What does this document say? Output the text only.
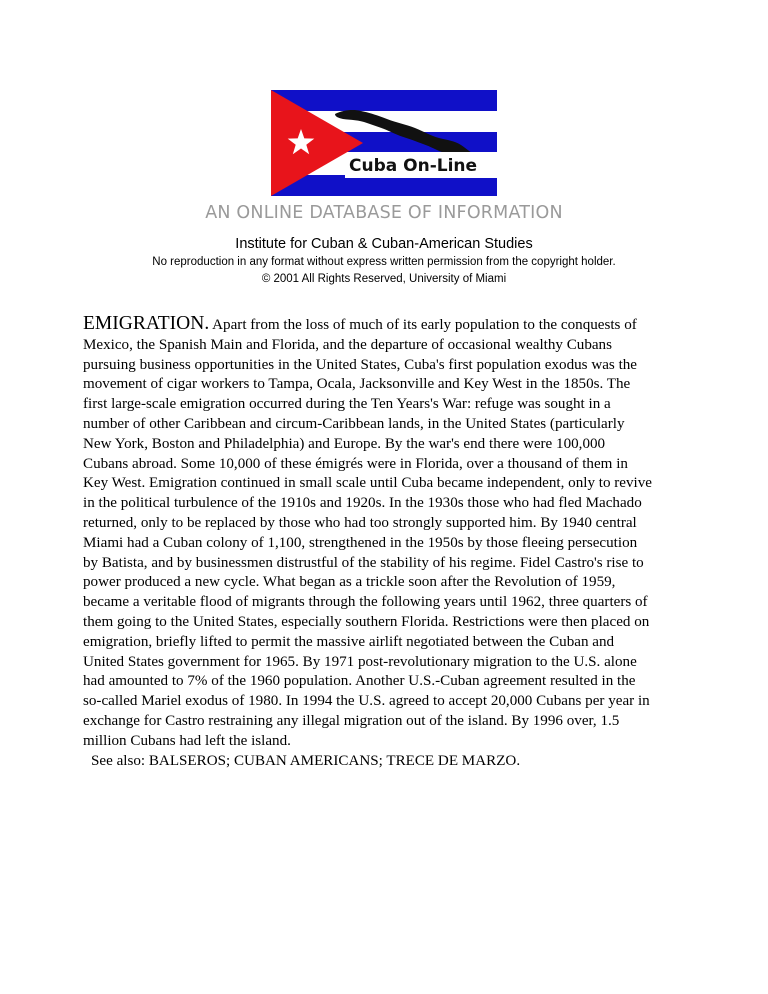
Cuba On-Line
AN ONLINE DATABASE OF INFORMATION
Institute for Cuban & Cuban-American Studies
No reproduction in any format without express written permission from the copyright holder.
© 2001 All Rights Reserved, University of Miami

EMIGRATION. Apart from the loss of much of its early population to the conquests of Mexico, the Spanish Main and Florida, and the departure of occasional wealthy Cubans pursuing business opportunities in the United States, Cuba's first population exodus was the movement of cigar workers to Tampa, Ocala, Jacksonville and Key West in the 1850s. The first large-scale emigration occurred during the Ten Years's War: refuge was sought in a number of other Caribbean and circum-Caribbean lands, in the United States (particularly New York, Boston and Philadelphia) and Europe. By the war's end there were 100,000 Cubans abroad. Some 10,000 of these émigrés were in Florida, over a thousand of them in Key West. Emigration continued in small scale until Cuba became independent, only to revive in the political turbulence of the 1910s and 1920s. In the 1930s those who had fled Machado returned, only to be replaced by those who had too strongly supported him. By 1940 central Miami had a Cuban colony of 1,100, strengthened in the 1950s by those fleeing persecution by Batista, and by businessmen distrustful of the stability of his regime. Fidel Castro's rise to power produced a new cycle. What began as a trickle soon after the Revolution of 1959, became a veritable flood of migrants through the following years until 1962, three quarters of them going to the United States, especially southern Florida. Restrictions were then placed on emigration, briefly lifted to permit the massive airlift negotiated between the Cuban and United States government for 1965. By 1971 post-revolutionary migration to the U.S. alone had amounted to 7% of the 1960 population. Another U.S.-Cuban agreement resulted in the so-called Mariel exodus of 1980. In 1994 the U.S. agreed to accept 20,000 Cubans per year in exchange for Castro restraining any illegal migration out of the island. By 1996 over, 1.5 million Cubans had left the island.

See also: BALSEROS; CUBAN AMERICANS; TRECE DE MARZO.
